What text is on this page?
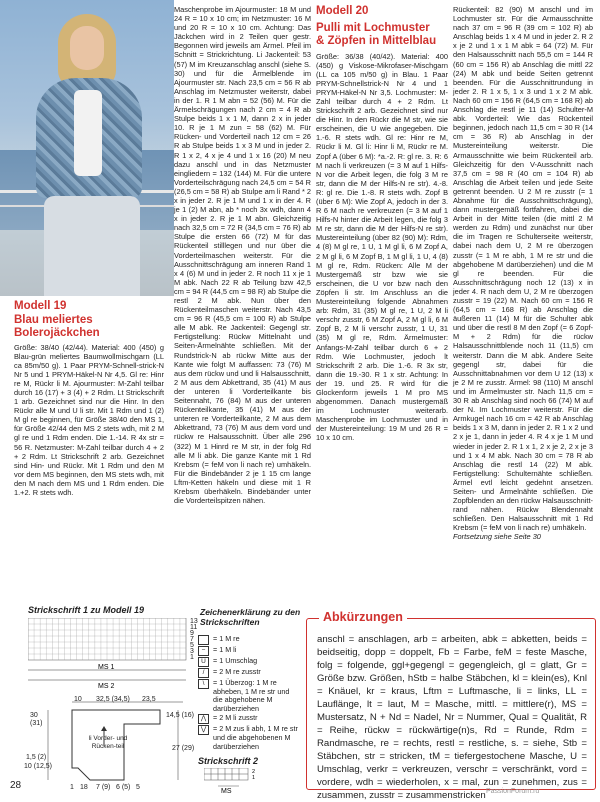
Modell 19

Blau meliertes

Bolerojäckchen

Größe: 38/40 (42/44). Material: 400 (450) g Blau-grün meliertes Baumwollmischgarn (LL ca 85m/50 g). 1 Paar PRYM-Schnell-strick-N Nr 5 und 1 PRYM-Häkel-N Nr 4,5. Gl re: Hinr re M, Rückr li M. Ajourmuster: M-Zahl teilbar durch 16 (17) + 3 (4) + 2 Rdm. Lt Strickschrift 1 arb. Gezeichnet sind nur die Hinr. In den Rückr alle M und U li str. Mit 1 Rdm und 1 (2) M gl re beginnen, für Größe 38/40 den MS 1, für Größe 42/44 den MS 2 stets wdh, mit 2 M gl re und 1 Rdm enden. Die 1.-14. R 4x str = 56 R. Netzmuster: M-Zahl teilbar durch 4 + 2 + 2 Rdm. Lt Strickschrift 2 arb. Gezeichnet sind Hin- und Rückr. Mit 1 Rdm und den M vor dem MS beginnen, den MS stets wdh, mit den M nach dem MS und 1 Rdm enden. Die 1.+2. R stets wdh.

Maschenprobe im Ajourmuster: 18 M und 24 R = 10 x 10 cm; im Netzmuster: 16 M und 20 R = 10 x 10 cm. Achtung: Das Jäckchen wird in 2 Teilen quer gestr. Begonnen wird jeweils am Ärmel. Pfeil im Schnitt = Strickrichtung. Li Jackenteil: 53 (57) M im Kreuzanschlag anschl (siehe S. 30) und für die Ärmelblende im Ajourmuster str. Nach 23,5 cm = 56 R ab Anschlag im Netzmuster weiterstr, dabei in der 1. R 1 M abn = 52 (56) M. Für die Ärmelschrägungen nach 2 cm = 4 R ab Stulpe beids 1 x 1 M, dann 2 x in jeder 10. R je 1 M zun = 58 (62) M. Für Rücken- und Vorderteil nach 12 cm = 26 R ab Stulpe beids 1 x 3 M und in jeder 2. R 1 x 2, 4 x je 4 und 1 x 16 (20) M neu dazu anschl und in das Netzmuster eingliedern = 132 (144) M. Für die untere Vorderteilschrägung nach 24,5 cm = 54 R (26,5 cm = 58 R) ab Stulpe am li Rand * 2 x in jeder 2. R je 1 M und 1 x in der 4. R je 1 (2) M abn, ab * noch 3x wdh, dann 4 x in jeder 2. R je 1 M abn. Gleichzeitig nach 32,5 cm = 72 R (34,5 cm = 76 R) ab Stulpe die ersten 66 (72) M für das Rückenteil stilllegen und nur über die Vorderteilmaschen weiterstr. Für die Ausschnittschrägung am inneren Rand 1 x 4 (6) M und in jeder 2. R noch 11 x je 1 M abk. Nach 22 R ab Teilung bzw 42,5 cm = 94 R (44,5 cm = 98 R) ab Stulpe die restl 2 M abk. Nun über den Rückenteilmaschen weiterstr. Nach 43,5 cm = 96 R (45,5 cm = 100 R) ab Stulpe alle M abk. Re Jackenteil: Gegengl str. Fertigstellung: Rückw Mittelnaht und Seiten-Ärmelnähte schließen. Mit der Rundstrick-N ab rückw Mitte aus der Kante wie folgt M auffassen: 73 (76) M aus dem rückw und und li Halsausschnitt, 2 M aus dem Abkettrand, 35 (41) M aus der unteren li Vorderteilkante bis Seitennaht, 76 (84) M aus der unteren Rückenteilkante, 35 (41) M aus der unteren re Vorderteilkante, 2 M aus dem Abkettrand, 73 (76) M aus dem vord und rückw re Halsausschnitt. Über alle 296 (322) M 1 Hinrd re M str, in der folg Rd alle M li abk. Die ganze Kante mit 1 Rd Krebsm (= feM von li nach re) umhäkeln. Für die Bindebänder 2 je 1 15 cm lange Lftm-Ketten häkeln und diese mit 1 R Krebsm überhäkeln. Bindebänder unter die Vorderteilspitzen nähen.

Modell 20

Pulli mit Lochmuster

& Zöpfen in Mittelblau

Größe: 36/38 (40/42). Material: 400 (450) g Viskose-Mikrofaser-Mischgarn (LL ca 105 m/50 g) in Blau. 1 Paar PRYM-Schnellstrick-N Nr 4 und 1 PRYM-Häkel-N Nr 3,5. Lochmuster: M-Zahl teilbar durch 4 + 2 Rdm. Lt Strickschrift 2 arb. Gezeichnet sind nur die Hinr. In den Rückr die M str, wie sie erscheinen, die U wie angegeben. Die 1.-6. R stets wdh. Gl re: Hinr re M, Rückr li M. Gl li: Hinr li M, Rückr re M. Zopf A (über 6 M): *a.-2. R: gl re. 3. R: 6 M nach li verkreuzen (= 3 M auf 1 Hilfs-N vor die Arbeit legen, die folg 3 M re str, dann die M der Hilfs-N re str). 4.-8. R: gl re. Die 1.-8. R stets wdh. Zopf B (über 6 M): Wie Zopf A, jedoch in der 3. R 6 M nach re verkreuzen (= 3 M auf 1 Hilfs-N hinter die Arbeit legen, die folg 3 M re str, dann die M der Hilfs-N re str). Mustereinteilung (über 82 (90) M): Rdm, 4 (8) M gl re, 1 U, 1 M gl li, 6 M Zopf A, 2 M gl li, 6 M Zopf B, 1 M gl li, 1 U, 4 (8) M gl re, Rdm. Rücken: Alle M der Mustergemäß str bzw wie sie erscheinen, die U vor bzw nach den Zöpfen li str. Im Anschluss an die Mustereinteilung folgende Abnahmen arb: Rdm, 31 (35) M gl re, 1 U, 2 M li verschr zusstr, 6 M Zopf A, 2 M gl li, 6 M Zopf B, 2 M li verschr zusstr, 1 U, 31 (35) M gl re, Rdm. Ärmelmuster: Anfangs-M-Zahl teilbar durch 6 + 2 Rdm. Wie Lochmuster, jedoch lt Strickschrift 2 arb. Die 1.-6. R 3x str, dann die 19.-30. R 1 x str. Achtung: In der 19. und 25. R wird für die Glockenform jeweils 1 M pro MS abgenommen. Danach mustergemäß im Lochmuster weiterarb. Maschenprobe im Lochmuster und in der Mustereinteilung: 19 M und 26 R = 10 x 10 cm.

Rückenteil: 82 (90) M anschl und im Lochmuster str. Für die Armausschnitte nach 37 cm = 96 R (39 cm = 102 R) ab Anschlag beids 1 x 4 M und in jeder 2. R 2 x je 2 und 1 x 1 M abk = 64 (72) M. Für den Halsausschnitt nach 55,5 cm = 144 R (60 cm = 156 R) ab Anschlag die mittl 22 (24) M abk und beide Seiten getrennt beenden. Für die Ausschnittrundung in jeder 2. R 1 x 5, 1 x 3 und 1 x 2 M abk. Nach 60 cm = 156 R (64,5 cm = 168 R) ab Anschlag die restl je 11 (14) Schulter-M abk. Vorderteil: Wie das Rückenteil beginnen, jedoch nach 11,5 cm = 30 R (14 cm = 36 R) ab Anschlag in der Mustereinteilung weiterstr. Die Armausschnitte wie beim Rückenteil arb. Gleichzeitig für den V-Ausschnitt nach 37,5 cm = 98 R (40 cm = 104 R) ab Anschlag die Arbeit teilen und jede Seite getrennt beenden. U 2 M re zusstr (= 1 Abnahme für die Ausschnittschrägung), dann mustergemäß fortfahren, dabei die Arbeit in der Mitte teilen (die mittl 2 M werden zu Rdm) und zunächst nur über die im Tragen re Schulterseite weiterstr, dabei nach dem U, 2 M re überzogen zusstr (= 1 M re abh, 1 M re str und die abgehobene M darüberziehen) und die M gl re beenden. Für die Ausschnittschrägung noch 12 (13) x in jeder 4. R nach dem U, 2 M re überzogen zusstr = 19 (22) M. Nach 60 cm = 156 R (64,5 cm = 168 R) ab Anschlag die äußeren 11 (14) M für die Schulter abk und über die restl 8 M den Zopf (= 6 Zopf-M + 2 Rdm) für die rückw Halsausschnittblende noch 11 (11,5) cm weiterstr. Dann die M abk. Andere Seite gegengl str, dabei für die Ausschnittabnahmen vor dem U 12 (13) x je 2 M re zusstr. Ärmel: 98 (110) M anschl und im Ärmelmuster str. Nach 11,5 cm = 30 R ab Anschlag sind noch 66 (74) M auf der N. Im Lochmuster weiterstr. Für die Armkugel nach 16 cm = 42 R ab Anschlag beids 1 x 3 M, dann in jeder 2. R 1 x 2 und 2 x je 1, dann in jeder 4. R 4 x je 1 M und wieder in jeder 2. R 1 x 1, 2 x je 2, 2 x je 3 und 1 x 4 M abk. Nach 30 cm = 78 R ab Anschlag die restl 14 (22) M abk. Fertigstellung: Schulternähte schließen. Ärmel evtl leicht gedehnt ansetzen. Seiten- und Ärmelnähte schließen. Die Zopfblenden an den rückw Halsausschnitt-rand nähen. Rückw Blendennaht schließen. Den Halsausschnitt mit 1 Rd Krebsm (= feM von li nach re) umhäkeln.

Fortsetzung siehe Seite 30

Strickschrift 1 zu Modell 19
MS 1
MS 2
13
11
9
7
5
3
1
li Vorder- und Rücken-teil
10 32,5 (34,5) 23,5
30 (31)
1,5 (2)
10 (12,5)
14,5 (16)
27 (29)
1 18 7 (9) 6 (5) 5
Zeichenerklärung zu den Strickschriften
= 1 M re
−	= 1 M li
U = 1 Umschlag
/	= 2 M re zusstr
\	= 1 Überzog: 1 M re abheben, 1 M re str und die abgehobene M darüberziehen
⋀ = 2 M li zusstr
⋁ = 2 M zus li abh, 1 M re str und die abgehobenen M darüberziehen
Strickschrift 2
MS
2
1
Abkürzungen
anschl = anschlagen, arb = arbeiten, abk = abketten, beids = beidseitig, dopp = doppelt, Fb = Farbe, feM = feste Masche, folg = folgende, ggl+gegengl = gegengleich, gl = glatt, Gr = Größe bzw. Größen, hStb = halbe Stäbchen, kl = klein(es), Knl = Knäuel, kr = kraus, Lftm = Luftmasche, li = links, LL = Lauflänge, lt = laut, M = Masche, mittl. = mittlere(r), MS = Mustersatz, N + Nd = Nadel, Nr = Nummer, Qual = Qualität, R = Reihe, rückw = rückwärtige(n)s, Rd = Runde, Rdm = Randmasche, re = rechts, restl = restliche, s. = siehe, Stb = Stäbchen, str = stricken, tM = tiefergestochene Masche, U = Umschlag, verkr = verkreuzen, verschr = verschränkt, vord = vordere, wdh = wiederholen, x = mal, zun = zunehmen, zus = zusammen, zusstr = zusammenstricken
28
PassionForum.ru
